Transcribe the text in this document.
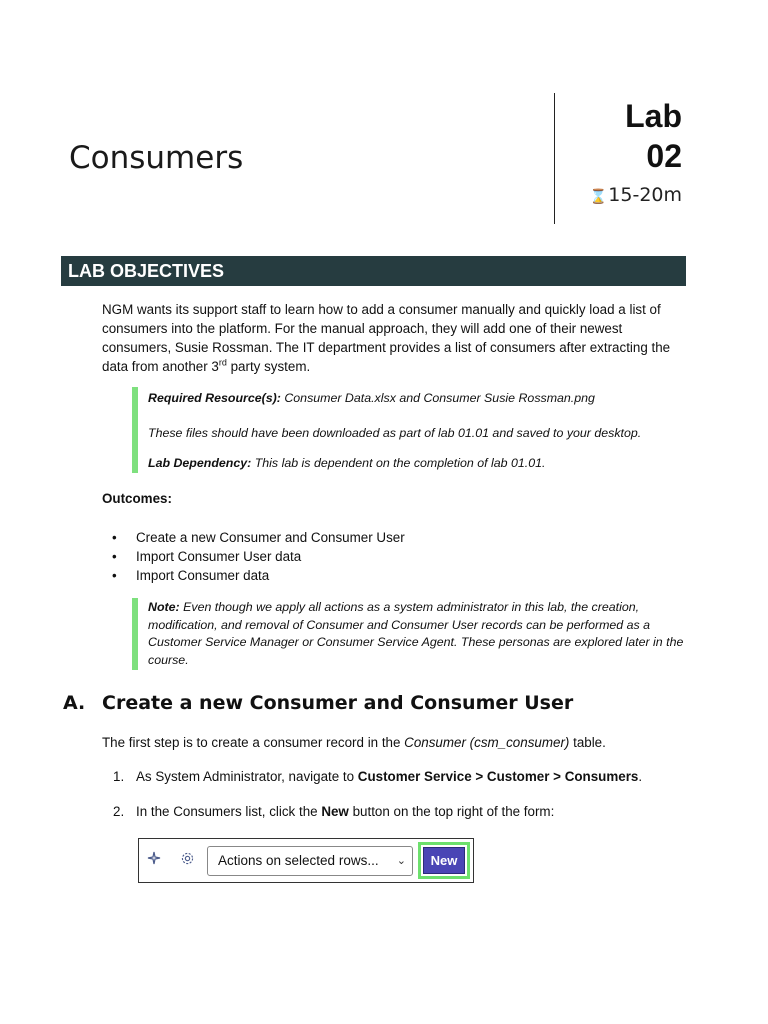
Consumers
Lab
02
⌛15-20m
LAB OBJECTIVES
NGM wants its support staff to learn how to add a consumer manually and quickly load a list of consumers into the platform. For the manual approach, they will add one of their newest consumers, Susie Rossman. The IT department provides a list of consumers after extracting the data from another 3rd party system.

Required Resource(s): Consumer Data.xlsx and Consumer Susie Rossman.png

These files should have been downloaded as part of lab 01.01 and saved to your desktop.

Lab Dependency: This lab is dependent on the completion of lab 01.01.

Outcomes:
• Create a new Consumer and Consumer User
• Import Consumer User data
• Import Consumer data

Note: Even though we apply all actions as a system administrator in this lab, the creation, modification, and removal of Consumer and Consumer User records can be performed as a Customer Service Manager or Consumer Service Agent. These personas are explored later in the course.

A. Create a new Consumer and Consumer User
The first step is to create a consumer record in the Consumer (csm_consumer) table.
1. As System Administrator, navigate to Customer Service > Customer > Consumers.
2. In the Consumers list, click the New button on the top right of the form:
Actions on selected rows... ⌄	New
